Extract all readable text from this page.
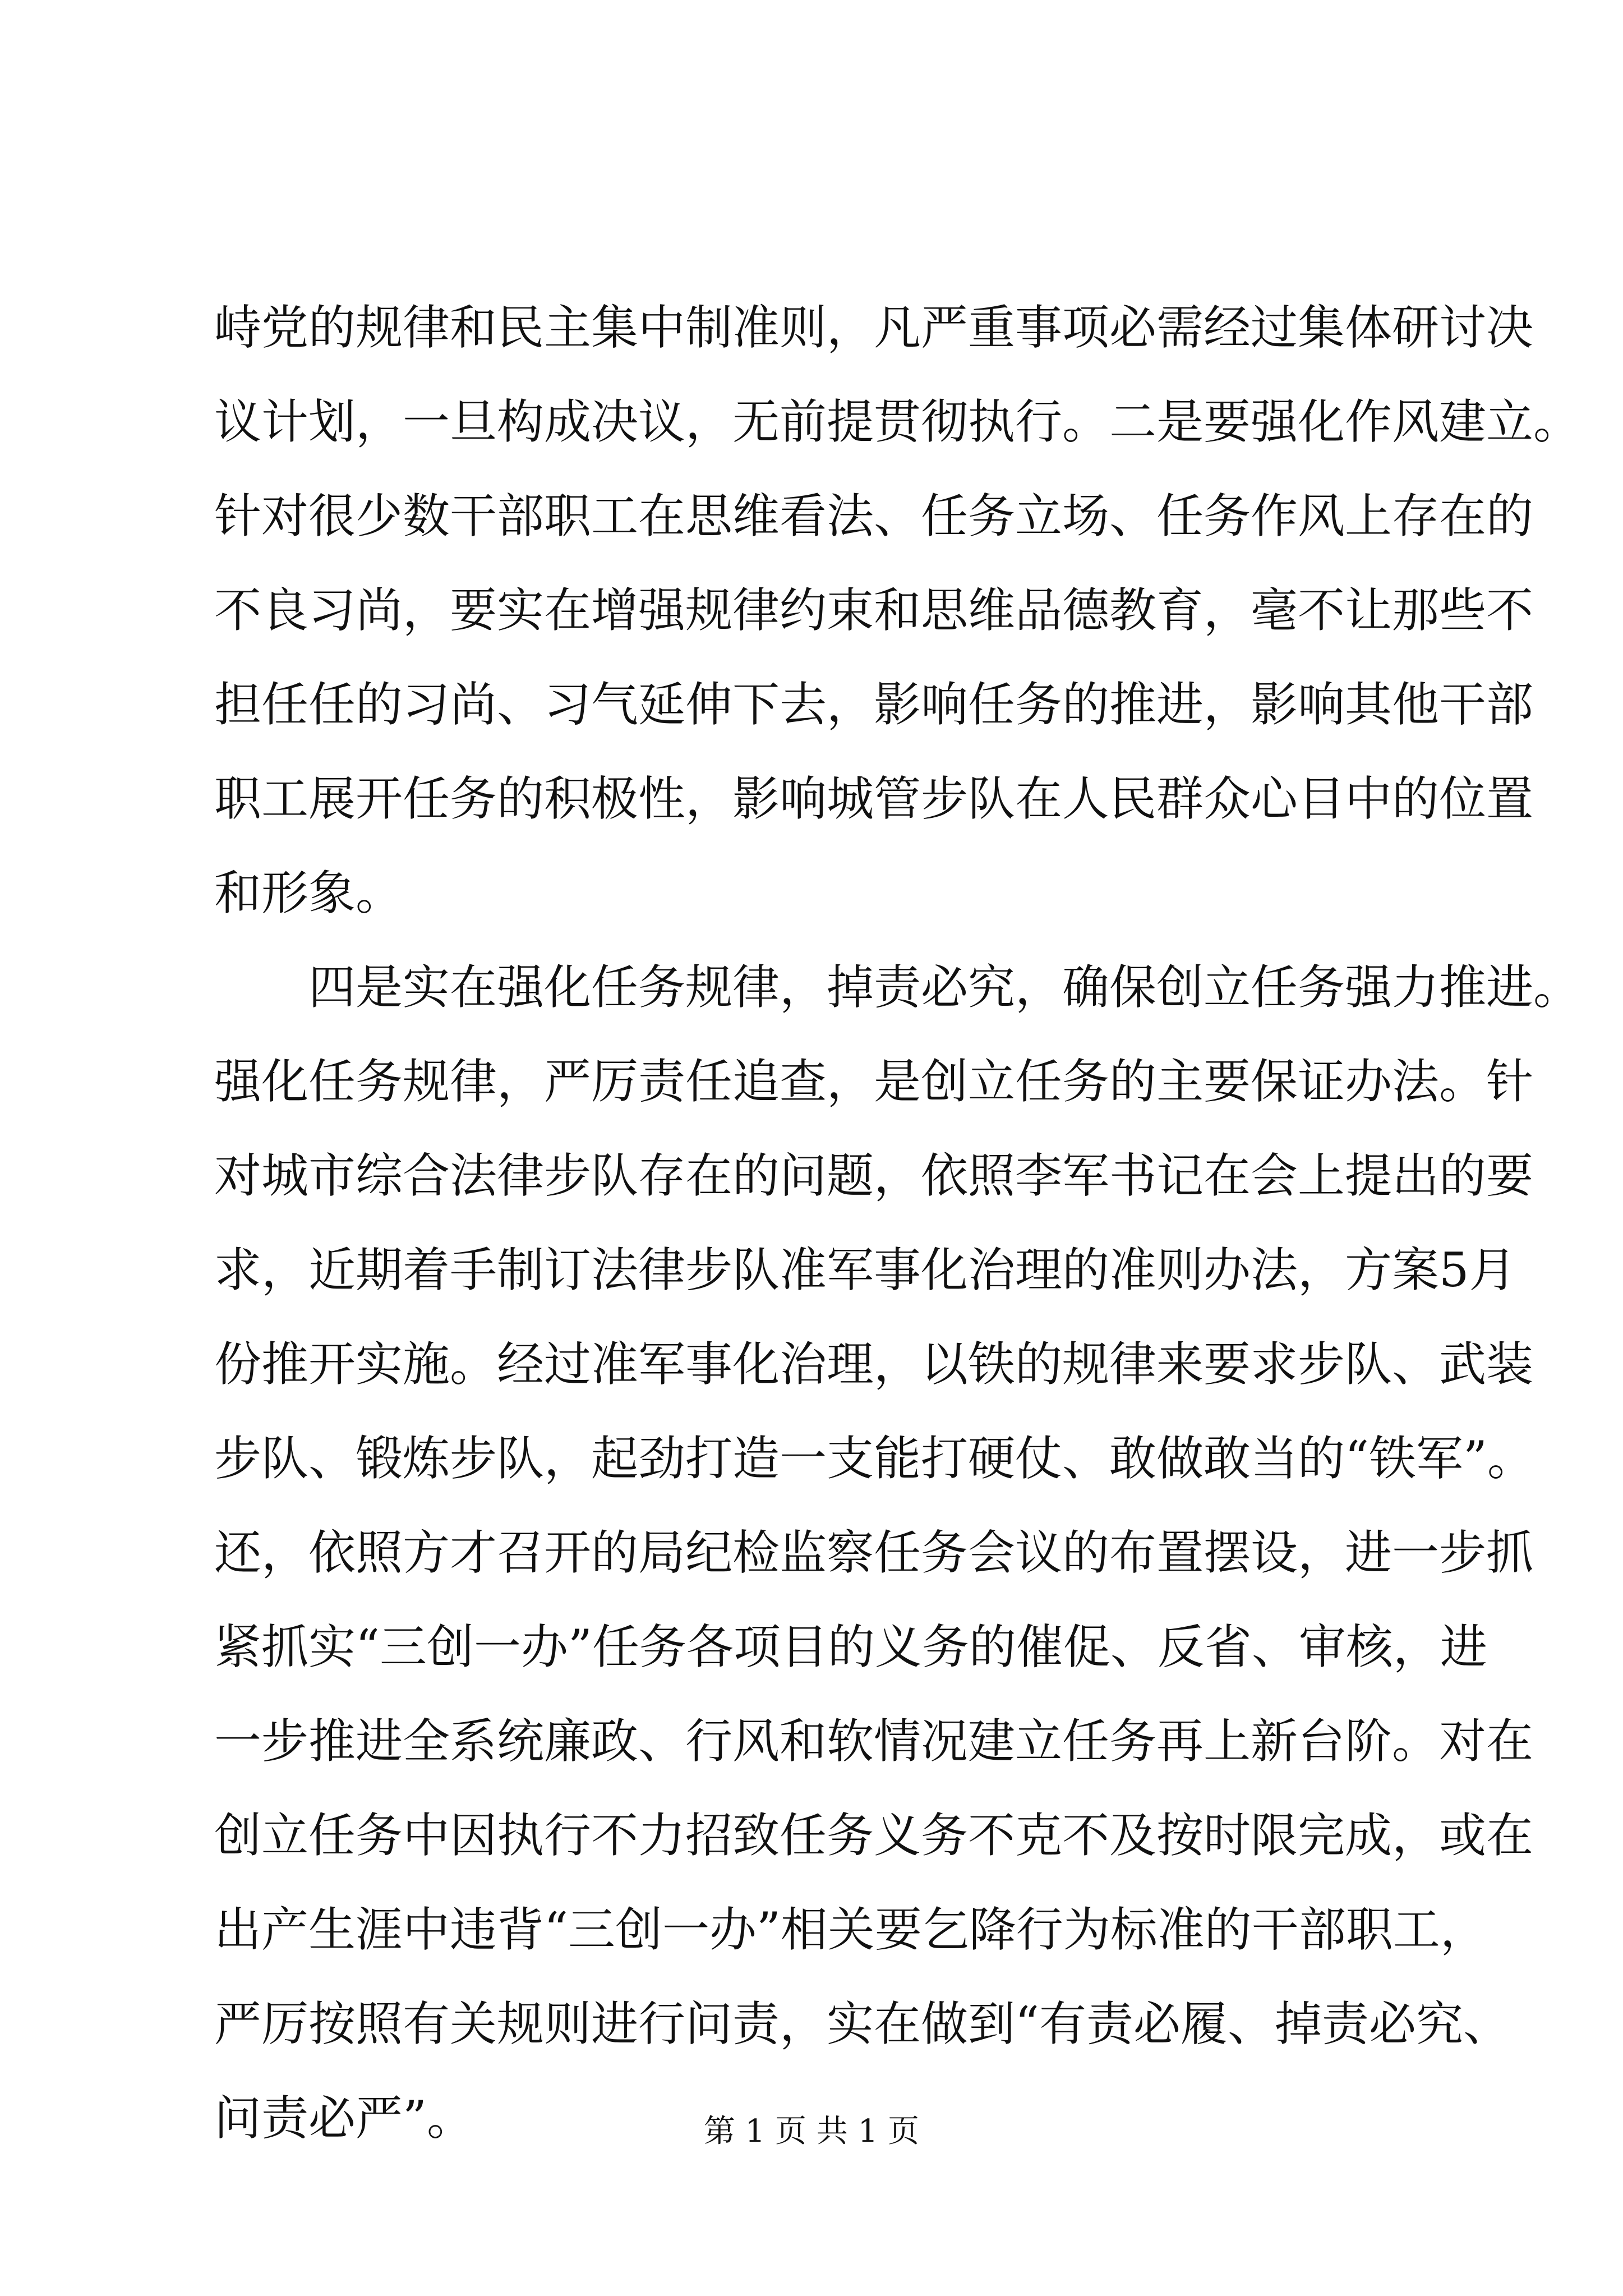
峙党的规律和民主集中制准则，凡严重事项必需经过集体研讨决
议计划，一旦构成决议，无前提贯彻执行。二是要强化作风建立。
针对很少数干部职工在思维看法、任务立场、任务作风上存在的
不良习尚，要实在增强规律约束和思维品德教育，毫不让那些不
担任任的习尚、习气延伸下去，影响任务的推进，影响其他干部
职工展开任务的积极性，影响城管步队在人民群众心目中的位置
和形象。
四是实在强化任务规律，掉责必究，确保创立任务强力推进。
强化任务规律，严厉责任追查，是创立任务的主要保证办法。针
对城市综合法律步队存在的问题，依照李军书记在会上提出的要
求，近期着手制订法律步队准军事化治理的准则办法，方案5月
份推开实施。经过准军事化治理，以铁的规律来要求步队、武装
步队、锻炼步队，起劲打造一支能打硬仗、敢做敢当的“铁军”。
还，依照方才召开的局纪检监察任务会议的布置摆设，进一步抓
紧抓实“三创一办”任务各项目的义务的催促、反省、审核，进
一步推进全系统廉政、行风和软情况建立任务再上新台阶。对在
创立任务中因执行不力招致任务义务不克不及按时限完成，或在
出产生涯中违背“三创一办”相关要乞降行为标准的干部职工，
严厉按照有关规则进行问责，实在做到“有责必履、掉责必究、
问责必严”。	第 1 页 共 1 页
